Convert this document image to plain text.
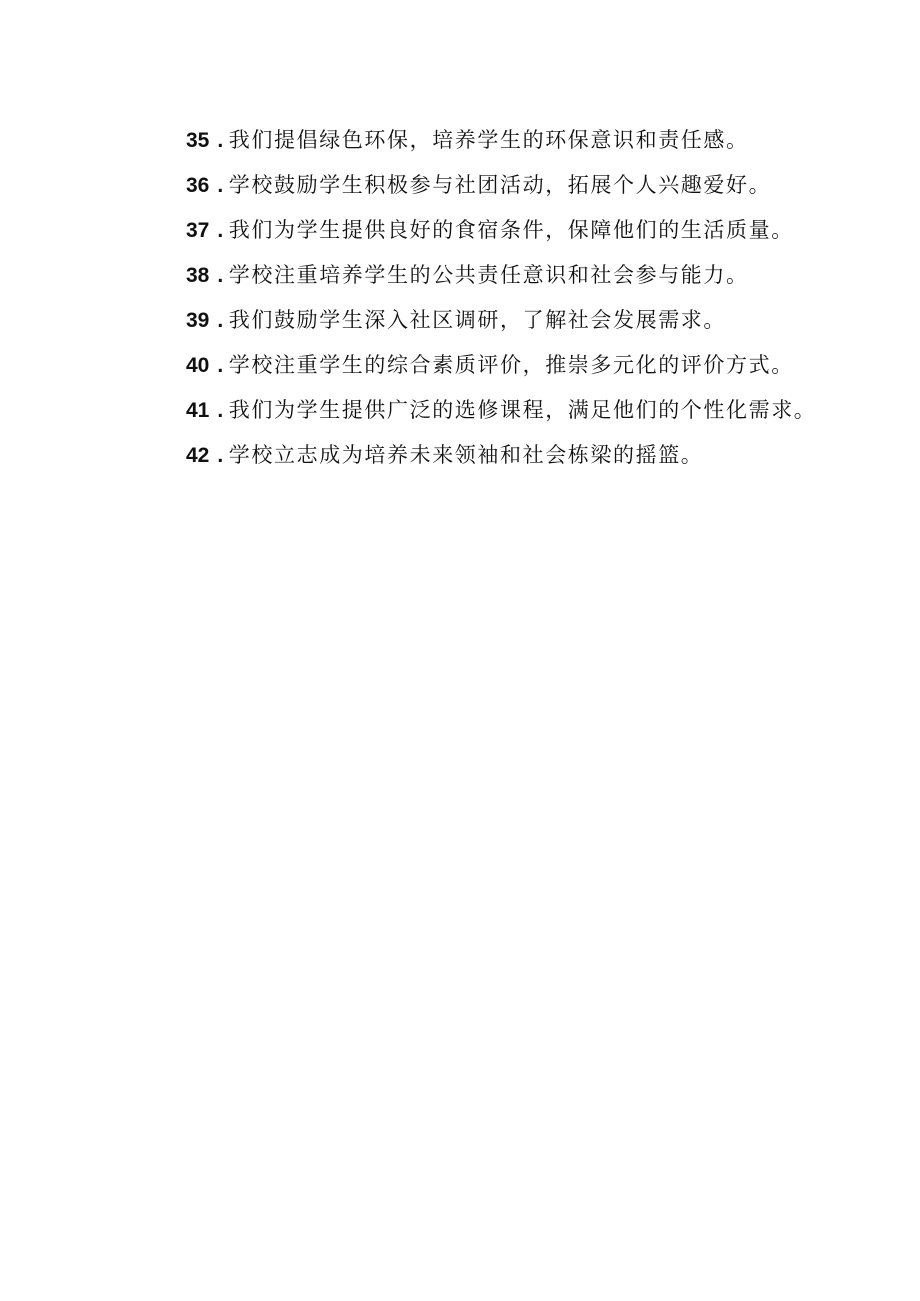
35 . 我们提倡绿色环保，培养学生的环保意识和责任感。

36 . 学校鼓励学生积极参与社团活动，拓展个人兴趣爱好。

37 . 我们为学生提供良好的食宿条件，保障他们的生活质量。

38 . 学校注重培养学生的公共责任意识和社会参与能力。

39 . 我们鼓励学生深入社区调研，了解社会发展需求。

40 . 学校注重学生的综合素质评价，推崇多元化的评价方式。

41 . 我们为学生提供广泛的选修课程，满足他们的个性化需求。

42 . 学校立志成为培养未来领袖和社会栋梁的摇篮。
